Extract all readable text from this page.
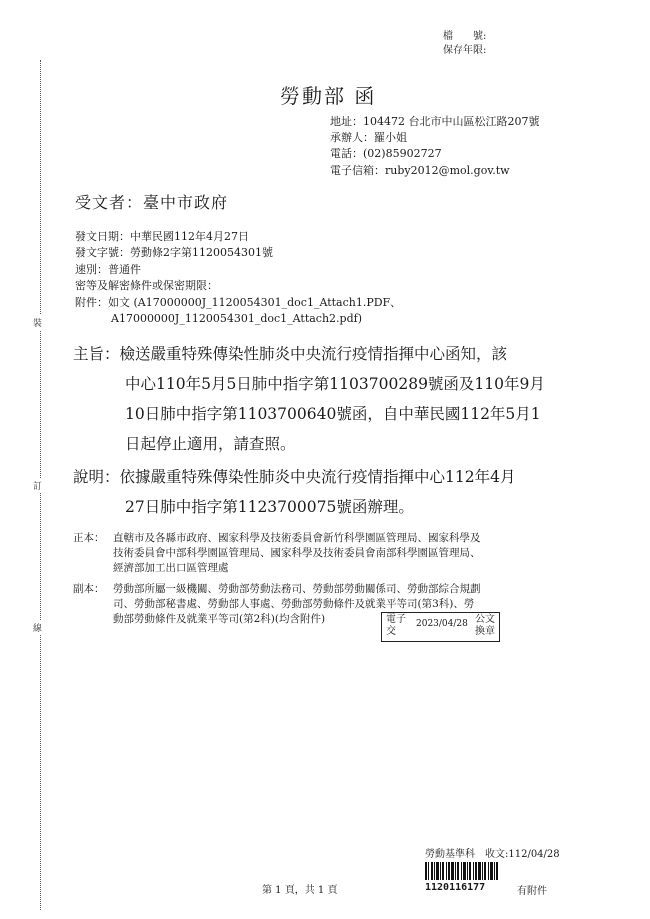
檔　　號:
保存年限:
裝
訂
線
勞動部 函
地址：104472 台北市中山區松江路207號
承辦人：羅小姐
電話：(02)85902727
電子信箱：ruby2012@mol.gov.tw
受文者：臺中市政府
發文日期：中華民國112年4月27日
發文字號：勞動條2字第1120054301號
速別：普通件
密等及解密條件或保密期限：
附件：如文 (A17000000J_1120054301_doc1_Attach1.PDF、
A17000000J_1120054301_doc1_Attach2.pdf)
主旨：檢送嚴重特殊傳染性肺炎中央流行疫情指揮中心函知，該
中心110年5月5日肺中指字第1103700289號函及110年9月
10日肺中指字第1103700640號函，自中華民國112年5月1
日起停止適用，請查照。
說明：依據嚴重特殊傳染性肺炎中央流行疫情指揮中心112年4月
27日肺中指字第1123700075號函辦理。
正本： 直轄市及各縣市政府、國家科學及技術委員會新竹科學園區管理局、國家科學及
技術委員會中部科學園區管理局、國家科學及技術委員會南部科學園區管理局、
經濟部加工出口區管理處
副本： 勞動部所屬一級機關、勞動部勞動法務司、勞動部勞動關係司、勞動部綜合規劃
司、勞動部秘書處、勞動部人事處、勞動部勞動條件及就業平等司(第3科)、勞
動部勞動條件及就業平等司(第2科)(均含附件)	電子
交
2023/04/28 公文
換章
勞動基準科　收文:112/04/28
1120116177	有附件
第 1 頁，共 1 頁
